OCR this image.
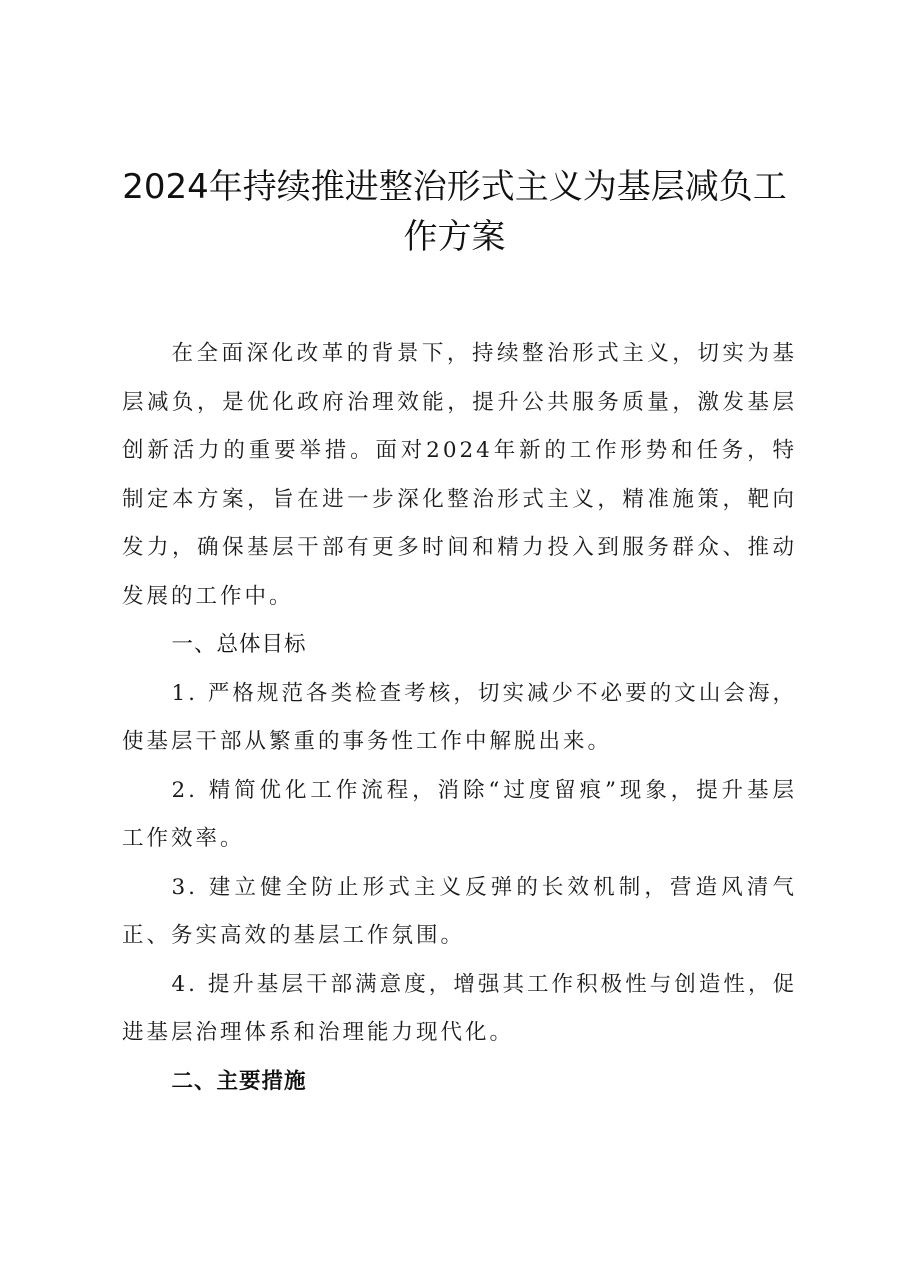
2024年持续推进整治形式主义为基层减负工
作方案

在全面深化改革的背景下，持续整治形式主义，切实为基层减负，是优化政府治理效能，提升公共服务质量，激发基层创新活力的重要举措。面对2024年新的工作形势和任务，特制定本方案，旨在进一步深化整治形式主义，精准施策，靶向发力，确保基层干部有更多时间和精力投入到服务群众、推动发展的工作中。

一、总体目标

1. 严格规范各类检查考核，切实减少不必要的文山会海，使基层干部从繁重的事务性工作中解脱出来。

2. 精简优化工作流程，消除“过度留痕”现象，提升基层工作效率。

3. 建立健全防止形式主义反弹的长效机制，营造风清气正、务实高效的基层工作氛围。

4. 提升基层干部满意度，增强其工作积极性与创造性，促进基层治理体系和治理能力现代化。

二、主要措施
